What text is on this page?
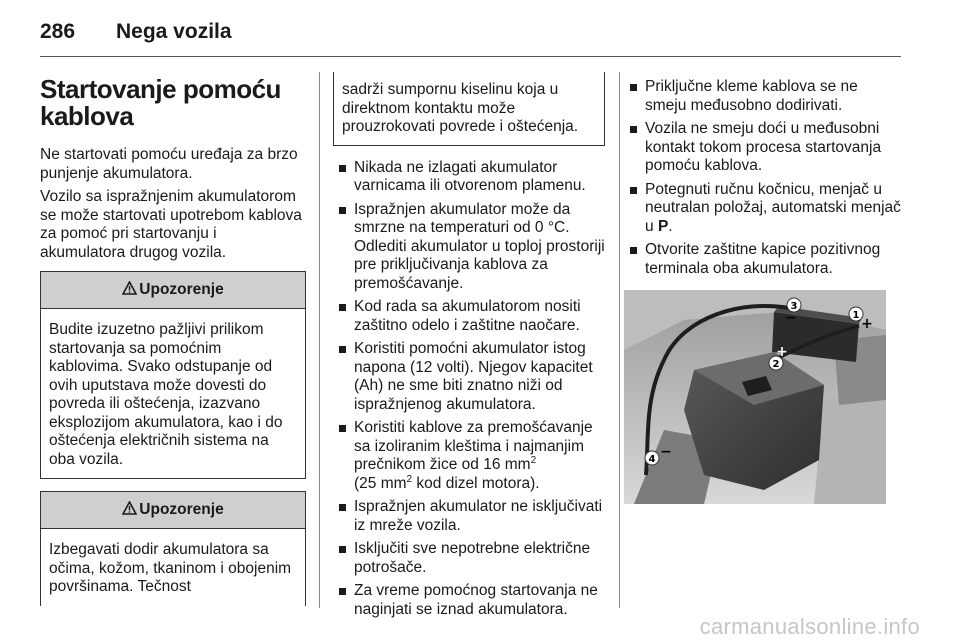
286 Nega vozila
Startovanje pomoću kablova

Ne startovati pomoću uređaja za brzo punjenje akumulatora.

Vozilo sa ispražnjenim akumulatorom se može startovati upotrebom kablova za pomoć pri startovanju i akumulatora drugog vozila.

Upozorenje
Budite izuzetno pažljivi prilikom startovanja sa pomoćnim kablovima. Svako odstupanje od ovih uputstava može dovesti do povreda ili oštećenja, izazvano eksplozijom akumulatora, kao i do oštećenja električnih sistema na oba vozila.
Upozorenje
Izbegavati dodir akumulatora sa očima, kožom, tkaninom i obojenim površinama. Tečnost
sadrži sumpornu kiselinu koja u direktnom kontaktu može prouzrokovati povrede i oštećenja.
Nikada ne izlagati akumulator varnicama ili otvorenom plamenu.
Ispražnjen akumulator može da smrzne na temperaturi od 0 °C. Odlediti akumulator u toploj prostoriji pre priključivanja kablova za premošćavanje.
Kod rada sa akumulatorom nositi zaštitno odelo i zaštitne naočare.
Koristiti pomoćni akumulator istog napona (12 volti). Njegov kapacitet (Ah) ne sme biti znatno niži od ispražnjenog akumulatora.
Koristiti kablove za premošćavanje sa izoliranim kleštima i najmanjim prečnikom žice od 16 $mm^2$
(25 $mm^2$ kod dizel motora).
Ispražnjen akumulator ne isključivati iz mreže vozila.
Isključiti sve nepotrebne električne potrošače.
Za vreme pomoćnog startovanja ne naginjati se iznad akumulatora.
Priključne kleme kablova se ne smeju međusobno dodirivati.
Vozila ne smeju doći u međusobni kontakt tokom procesa startovanja pomoću kablova.
Potegnuti ručnu kočnicu, menjač u neutralan položaj, automatski menjač u P.
Otvorite zaštitne kapice pozitivnog terminala oba akumulatora.
1
+
3
−
2
+
4 −
carmanualsonline.info
